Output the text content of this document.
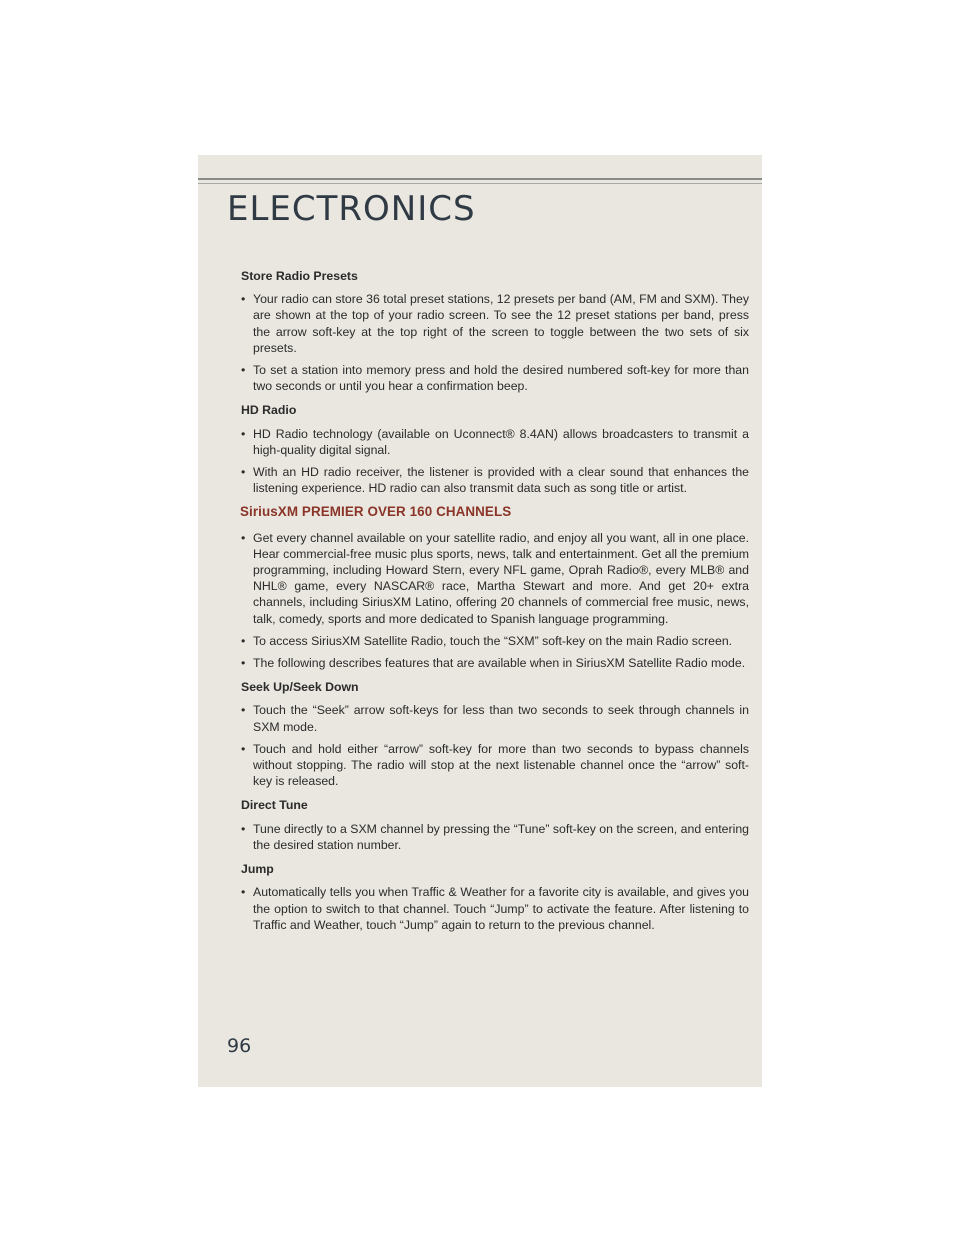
ELECTRONICS

Store Radio Presets

• Your radio can store 36 total preset stations, 12 presets per band (AM, FM and SXM). They are shown at the top of your radio screen. To see the 12 preset stations per band, press the arrow soft-key at the top right of the screen to toggle between the two sets of six presets.
• To set a station into memory press and hold the desired numbered soft-key for more than two seconds or until you hear a confirmation beep.

HD Radio

• HD Radio technology (available on Uconnect® 8.4AN) allows broadcasters to transmit a high-quality digital signal.
• With an HD radio receiver, the listener is provided with a clear sound that enhances the listening experience. HD radio can also transmit data such as song title or artist.

SiriusXM PREMIER OVER 160 CHANNELS

• Get every channel available on your satellite radio, and enjoy all you want, all in one place. Hear commercial-free music plus sports, news, talk and entertainment. Get all the premium programming, including Howard Stern, every NFL game, Oprah Radio®, every MLB® and NHL® game, every NASCAR® race, Martha Stewart and more. And get 20+ extra channels, including SiriusXM Latino, offering 20 channels of commercial free music, news, talk, comedy, sports and more dedicated to Spanish language programming.
• To access SiriusXM Satellite Radio, touch the “SXM” soft-key on the main Radio screen.
• The following describes features that are available when in SiriusXM Satellite Radio mode.

Seek Up/Seek Down

• Touch the “Seek” arrow soft-keys for less than two seconds to seek through channels in SXM mode.
• Touch and hold either “arrow” soft-key for more than two seconds to bypass channels without stopping. The radio will stop at the next listenable channel once the “arrow” soft-key is released.

Direct Tune

• Tune directly to a SXM channel by pressing the “Tune” soft-key on the screen, and entering the desired station number.

Jump

• Automatically tells you when Traffic & Weather for a favorite city is available, and gives you the option to switch to that channel. Touch “Jump” to activate the feature. After listening to Traffic and Weather, touch “Jump” again to return to the previous channel.

96
